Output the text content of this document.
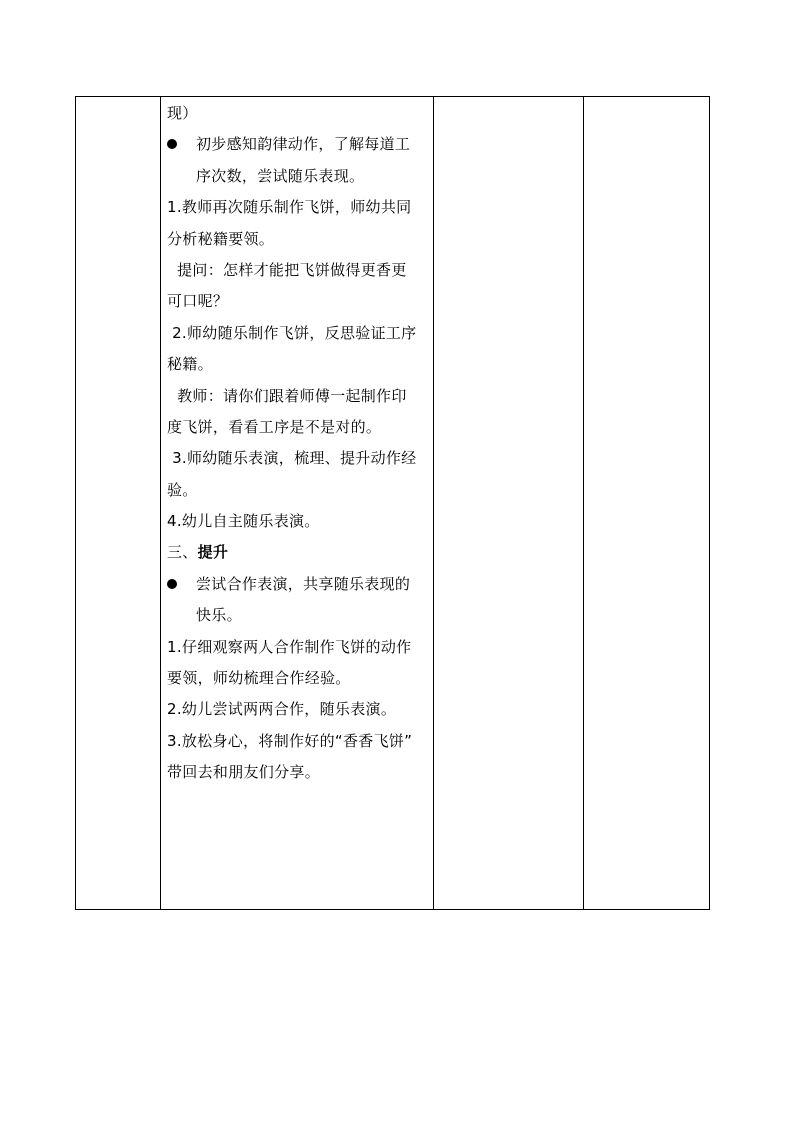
现）
初步感知韵律动作，了解每道工
序次数，尝试随乐表现。
1.教师再次随乐制作飞饼，师幼共同
分析秘籍要领。
提问：怎样才能把飞饼做得更香更
可口呢？
2.师幼随乐制作飞饼，反思验证工序
秘籍。
教师：请你们跟着师傅一起制作印
度飞饼，看看工序是不是对的。
3.师幼随乐表演，梳理、提升动作经
验。
4.幼儿自主随乐表演。
三、提升
尝试合作表演，共享随乐表现的
快乐。
1.仔细观察两人合作制作飞饼的动作
要领，师幼梳理合作经验。
2.幼儿尝试两两合作，随乐表演。
3.放松身心，将制作好的“香香飞饼”
带回去和朋友们分享。
